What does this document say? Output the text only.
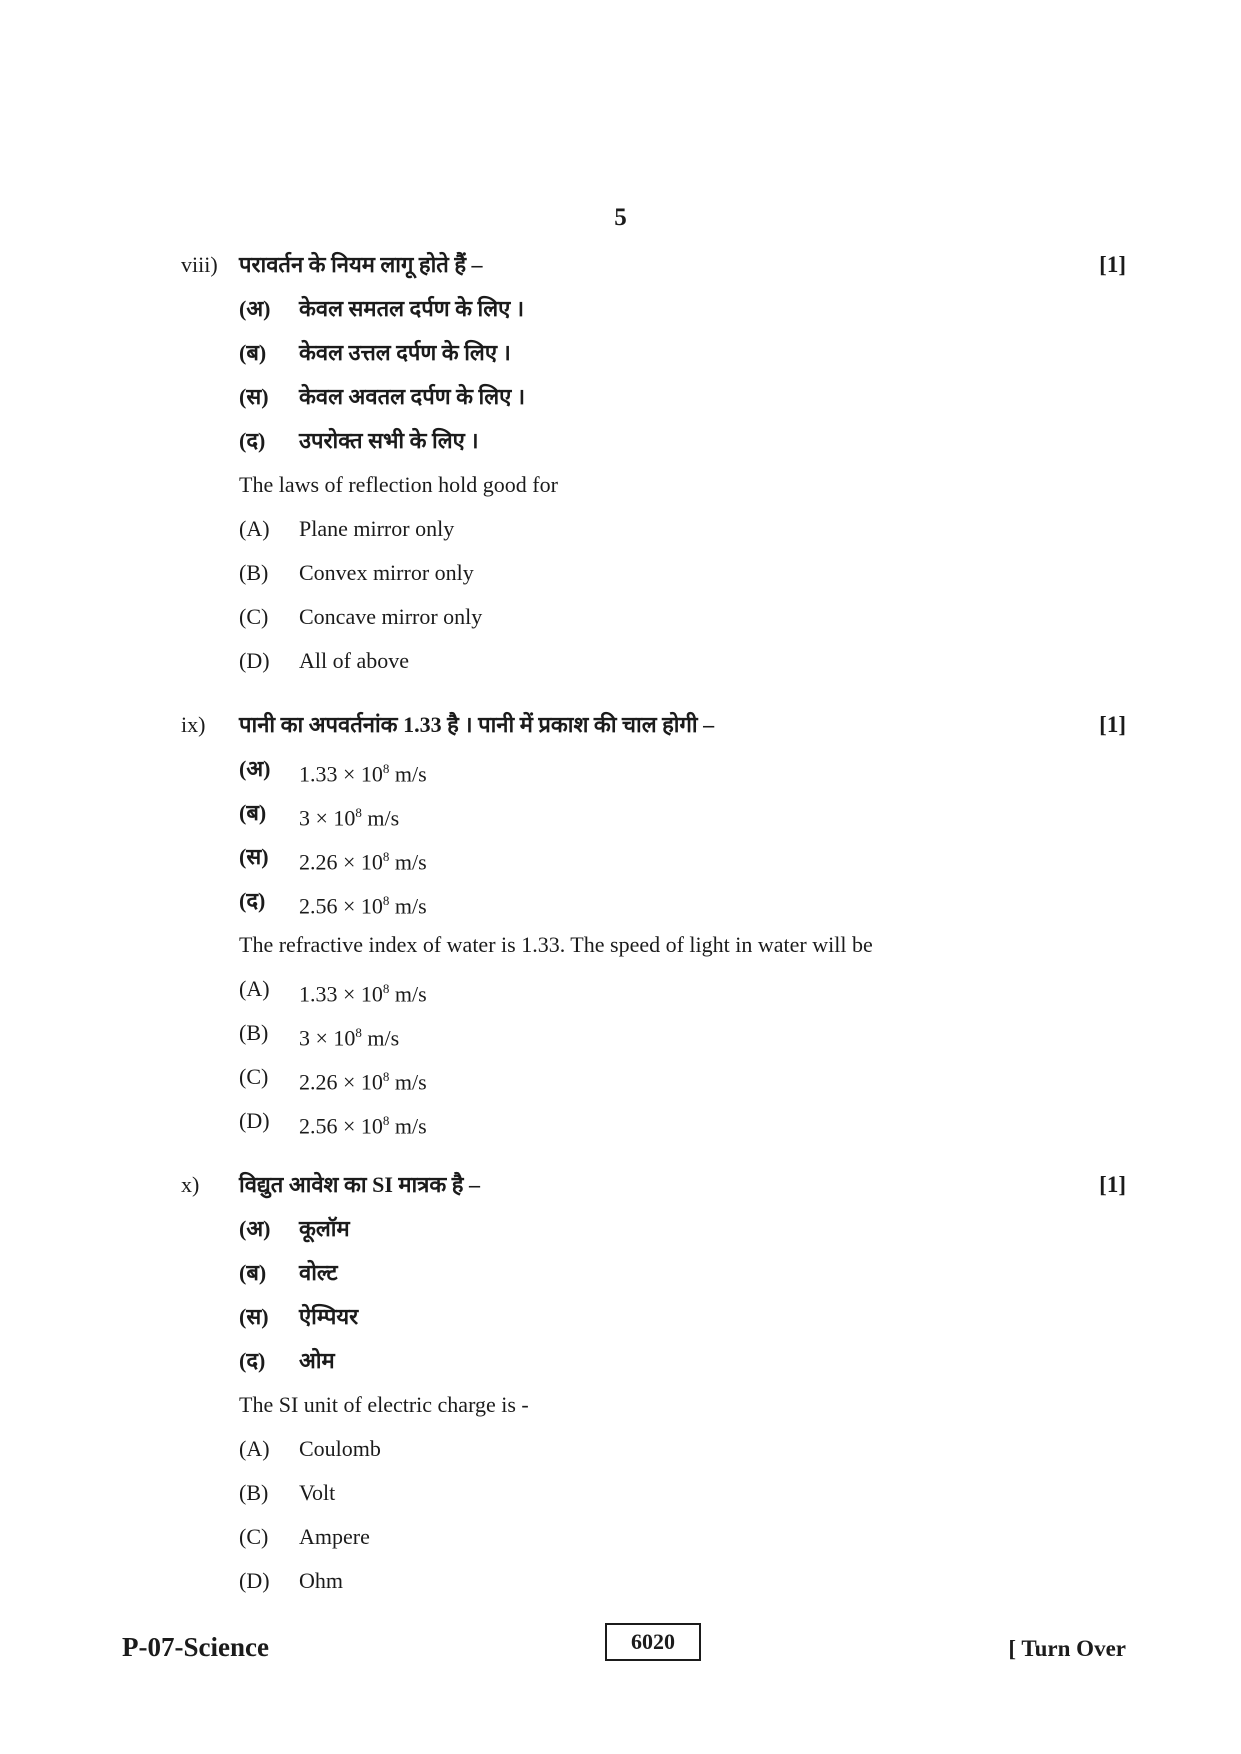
5
viii) परावर्तन के नियम लागू होते हैं –	[1]
(अ) केवल समतल दर्पण के लिए ।
(ब) केवल उत्तल दर्पण के लिए ।
(स) केवल अवतल दर्पण के लिए ।
(द) उपरोक्त सभी के लिए ।
The laws of reflection hold good for
(A) Plane mirror only
(B) Convex mirror only
(C) Concave mirror only
(D) All of above
ix) पानी का अपवर्तनांक 1.33 है । पानी में प्रकाश की चाल होगी –	[1]
(अ) $1.33 \times 10^8$ m/s
(ब) $3 \times 10^8$ m/s
(स) $2.26 \times 10^8$ m/s
(द) $2.56 \times 10^8$ m/s
The refractive index of water is 1.33. The speed of light in water will be
(A) $1.33 \times 10^8$ m/s
(B) $3 \times 10^8$ m/s
(C) $2.26 \times 10^8$ m/s
(D) $2.56 \times 10^8$ m/s
x) विद्युत आवेश का SI मात्रक है –	[1]
(अ) कूलॉम
(ब) वोल्ट
(स) ऐम्पियर
(द) ओम
The SI unit of electric charge is -
(A) Coulomb
(B) Volt
(C) Ampere
(D) Ohm
P-07-Science	6020	[ Turn Over
